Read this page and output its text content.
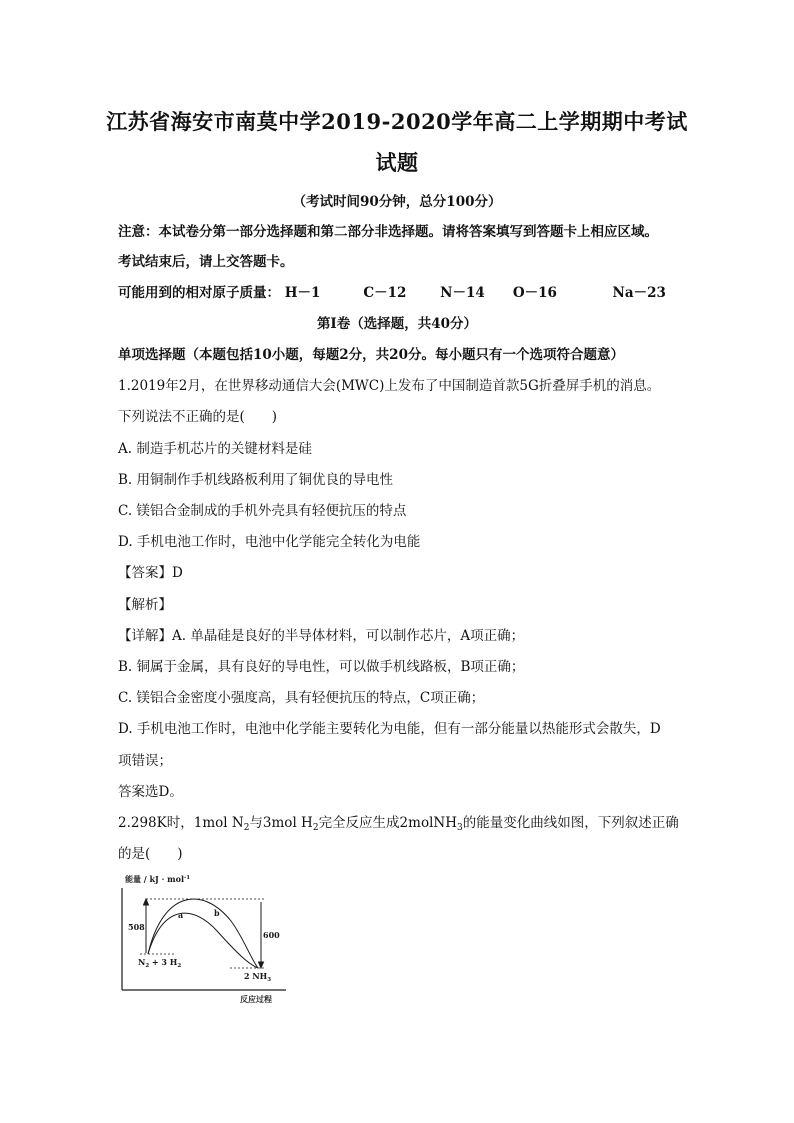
江苏省海安市南莫中学2019-2020学年高二上学期期中考试
试题
（考试时间90分钟，总分100分）
注意：本试卷分第一部分选择题和第二部分非选择题。请将答案填写到答题卡上相应区域。
考试结束后，请上交答题卡。
可能用到的相对原子质量： H－1	C－12 N－14 O－16	Na－23
第Ⅰ卷（选择题，共40分）
单项选择题（本题包括10小题，每题2分，共20分。每小题只有一个选项符合题意）
1.2019年2月，在世界移动通信大会(MWC)上发布了中国制造首款5G折叠屏手机的消息。
下列说法不正确的是(　　)
A. 制造手机芯片的关键材料是硅
B. 用铜制作手机线路板利用了铜优良的导电性
C. 镁铝合金制成的手机外壳具有轻便抗压的特点
D. 手机电池工作时，电池中化学能完全转化为电能
【答案】D
【解析】
【详解】A. 单晶硅是良好的半导体材料，可以制作芯片，A项正确；
B. 铜属于金属，具有良好的导电性，可以做手机线路板，B项正确；
C. 镁铝合金密度小强度高，具有轻便抗压的特点，C项正确；
D. 手机电池工作时，电池中化学能主要转化为电能，但有一部分能量以热能形式会散失，D
项错误；
答案选D。
2.298K时，1mol $N_2$与3mol $H_2$完全反应生成2molNH$_3$的能量变化曲线如图，下列叙述正确
的是(　　)
能量 / kJ · mol$^{-1}$
a	b
508
600
$N_2 + 3$ $H_2$
2 $NH_3$
反应过程
